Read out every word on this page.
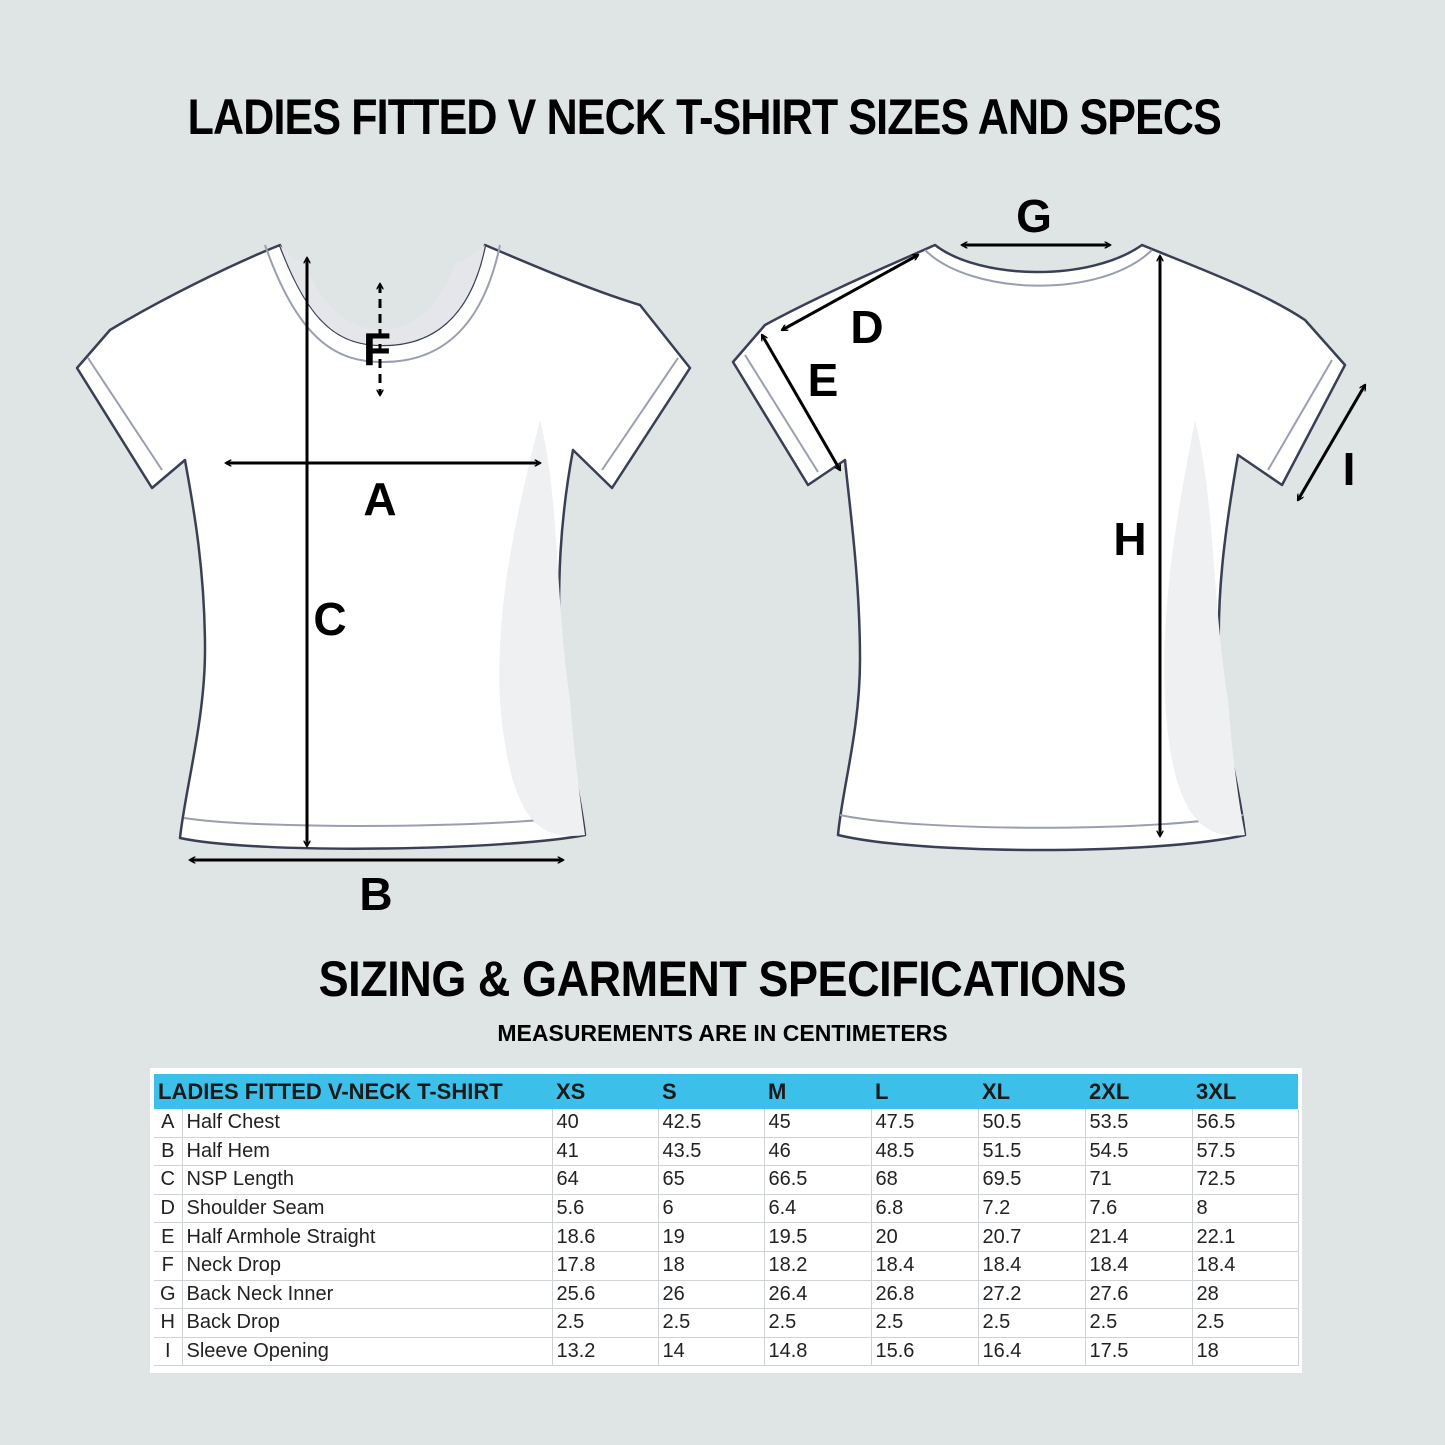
LADIES FITTED V NECK T-SHIRT SIZES AND SPECS
A
B
C
F
G
D
E
H
I
SIZING & GARMENT SPECIFICATIONS
MEASUREMENTS ARE IN CENTIMETERS
LADIES FITTED V-NECK T-SHIRT		XS	S	M	L	XL	2XL	3XL
A	Half Chest	40	42.5	45	47.5	50.5	53.5	56.5
B	Half Hem	41	43.5	46	48.5	51.5	54.5	57.5
C	NSP Length	64	65	66.5	68	69.5	71	72.5
D	Shoulder Seam	5.6	6	6.4	6.8	7.2	7.6	8
E	Half Armhole Straight	18.6	19	19.5	20	20.7	21.4	22.1
F	Neck Drop	17.8	18	18.2	18.4	18.4	18.4	18.4
G	Back Neck Inner	25.6	26	26.4	26.8	27.2	27.6	28
H	Back Drop	2.5	2.5	2.5	2.5	2.5	2.5	2.5
I	Sleeve Opening	13.2	14	14.8	15.6	16.4	17.5	18
